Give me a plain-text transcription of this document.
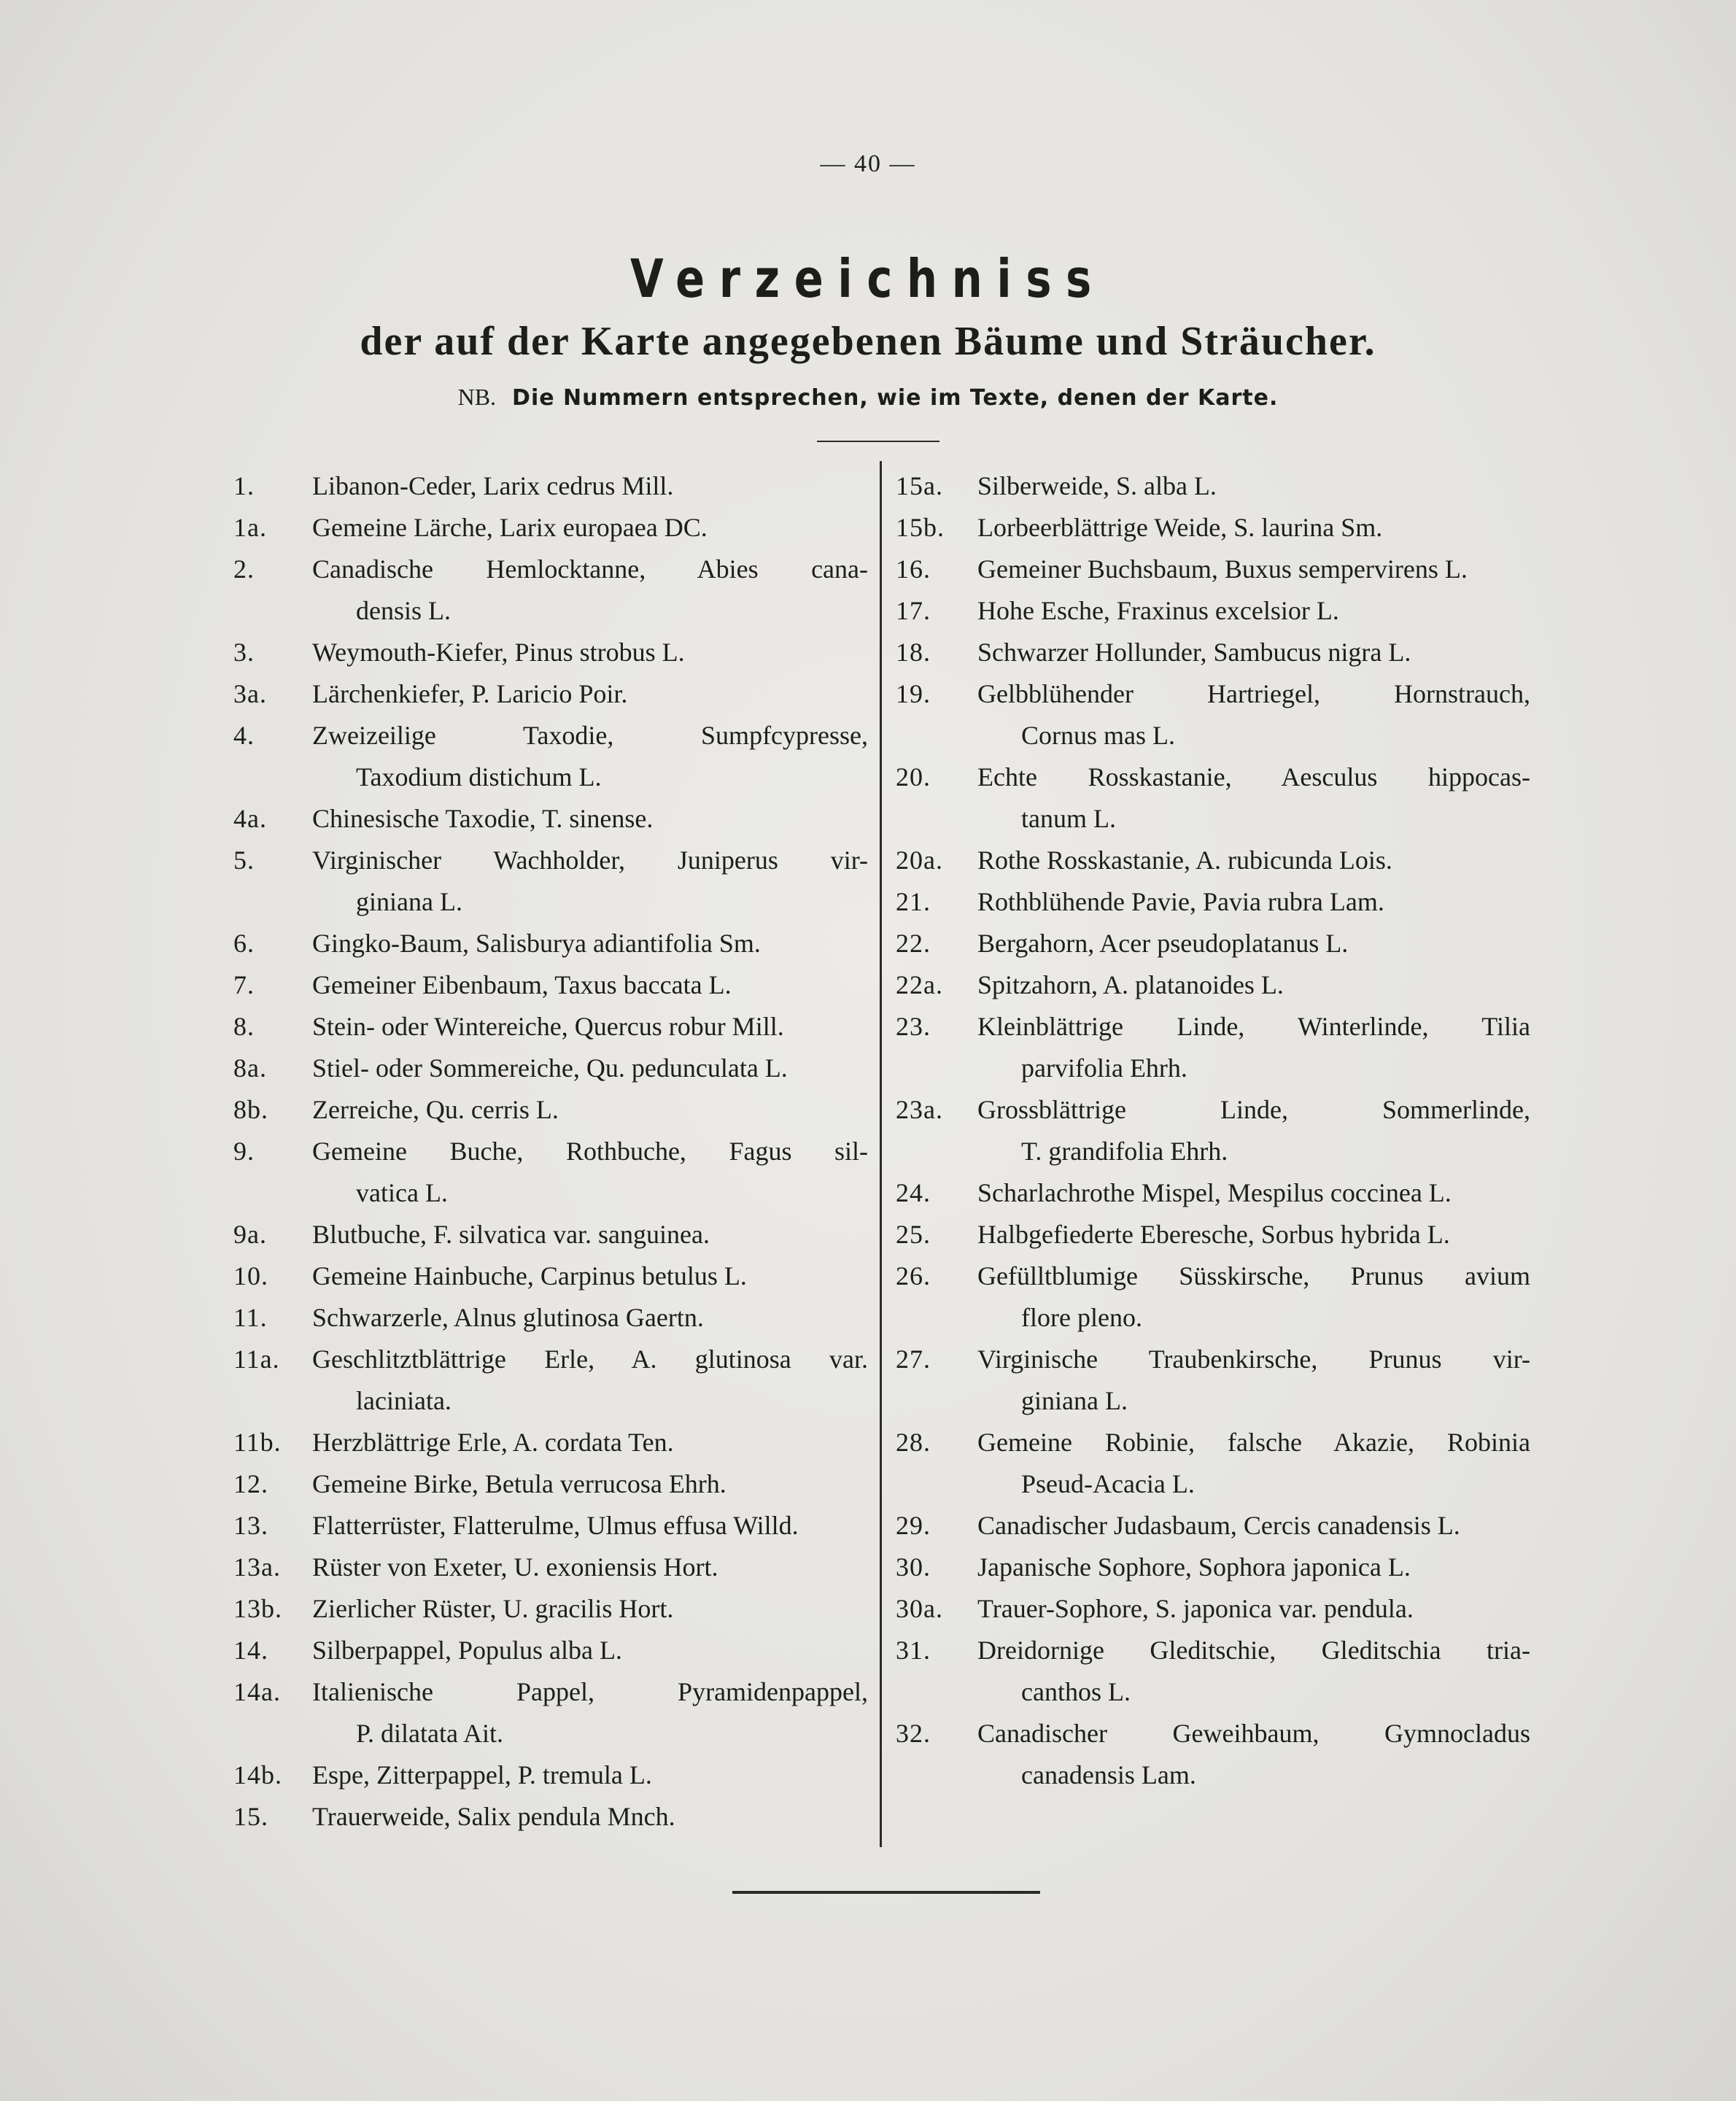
— 40 —
Verzeichniss
der auf der Karte angegebenen Bäume und Sträucher.
NB. Die Nummern entsprechen, wie im Texte, denen der Karte.
1.	Libanon-Ceder, Larix cedrus Mill.
1a.	Gemeine Lärche, Larix europaea DC.
2.	Canadische Hemlocktanne, Abies cana-
densis L.
3.	Weymouth-Kiefer, Pinus strobus L.
3a.	Lärchenkiefer, P. Laricio Poir.
4.	Zweizeilige Taxodie, Sumpfcypresse,
Taxodium distichum L.
4a.	Chinesische Taxodie, T. sinense.
5.	Virginischer Wachholder, Juniperus vir-
giniana L.
6.	Gingko-Baum, Salisburya adiantifolia Sm.
7.	Gemeiner Eibenbaum, Taxus baccata L.
8.	Stein- oder Wintereiche, Quercus robur Mill.
8a.	Stiel- oder Sommereiche, Qu. pedunculata L.
8b.	Zerreiche, Qu. cerris L.
9.	Gemeine Buche, Rothbuche, Fagus sil-
vatica L.
9a.	Blutbuche, F. silvatica var. sanguinea.
10.	Gemeine Hainbuche, Carpinus betulus L.
11.	Schwarzerle, Alnus glutinosa Gaertn.
11a.	Geschlitztblättrige Erle, A. glutinosa var.
laciniata.
11b.	Herzblättrige Erle, A. cordata Ten.
12.	Gemeine Birke, Betula verrucosa Ehrh.
13.	Flatterrüster, Flatterulme, Ulmus effusa Willd.
13a.	Rüster von Exeter, U. exoniensis Hort.
13b.	Zierlicher Rüster, U. gracilis Hort.
14.	Silberpappel, Populus alba L.
14a.	Italienische Pappel, Pyramidenpappel,
P. dilatata Ait.
14b.	Espe, Zitterpappel, P. tremula L.
15.	Trauerweide, Salix pendula Mnch.
15a.	Silberweide, S. alba L.
15b.	Lorbeerblättrige Weide, S. laurina Sm.
16.	Gemeiner Buchsbaum, Buxus sempervirens L.
17.	Hohe Esche, Fraxinus excelsior L.
18.	Schwarzer Hollunder, Sambucus nigra L.
19.	Gelbblühender Hartriegel, Hornstrauch,
Cornus mas L.
20.	Echte Rosskastanie, Aesculus hippocas-
tanum L.
20a.	Rothe Rosskastanie, A. rubicunda Lois.
21.	Rothblühende Pavie, Pavia rubra Lam.
22.	Bergahorn, Acer pseudoplatanus L.
22a.	Spitzahorn, A. platanoides L.
23.	Kleinblättrige Linde, Winterlinde, Tilia
parvifolia Ehrh.
23a.	Grossblättrige Linde, Sommerlinde,
T. grandifolia Ehrh.
24.	Scharlachrothe Mispel, Mespilus coccinea L.
25.	Halbgefiederte Eberesche, Sorbus hybrida L.
26.	Gefülltblumige Süsskirsche, Prunus avium
flore pleno.
27.	Virginische Traubenkirsche, Prunus vir-
giniana L.
28.	Gemeine Robinie, falsche Akazie, Robinia
Pseud-Acacia L.
29.	Canadischer Judasbaum, Cercis canadensis L.
30.	Japanische Sophore, Sophora japonica L.
30a.	Trauer-Sophore, S. japonica var. pendula.
31.	Dreidornige Gleditschie, Gleditschia tria-
canthos L.
32.	Canadischer Geweihbaum, Gymnocladus
canadensis Lam.
